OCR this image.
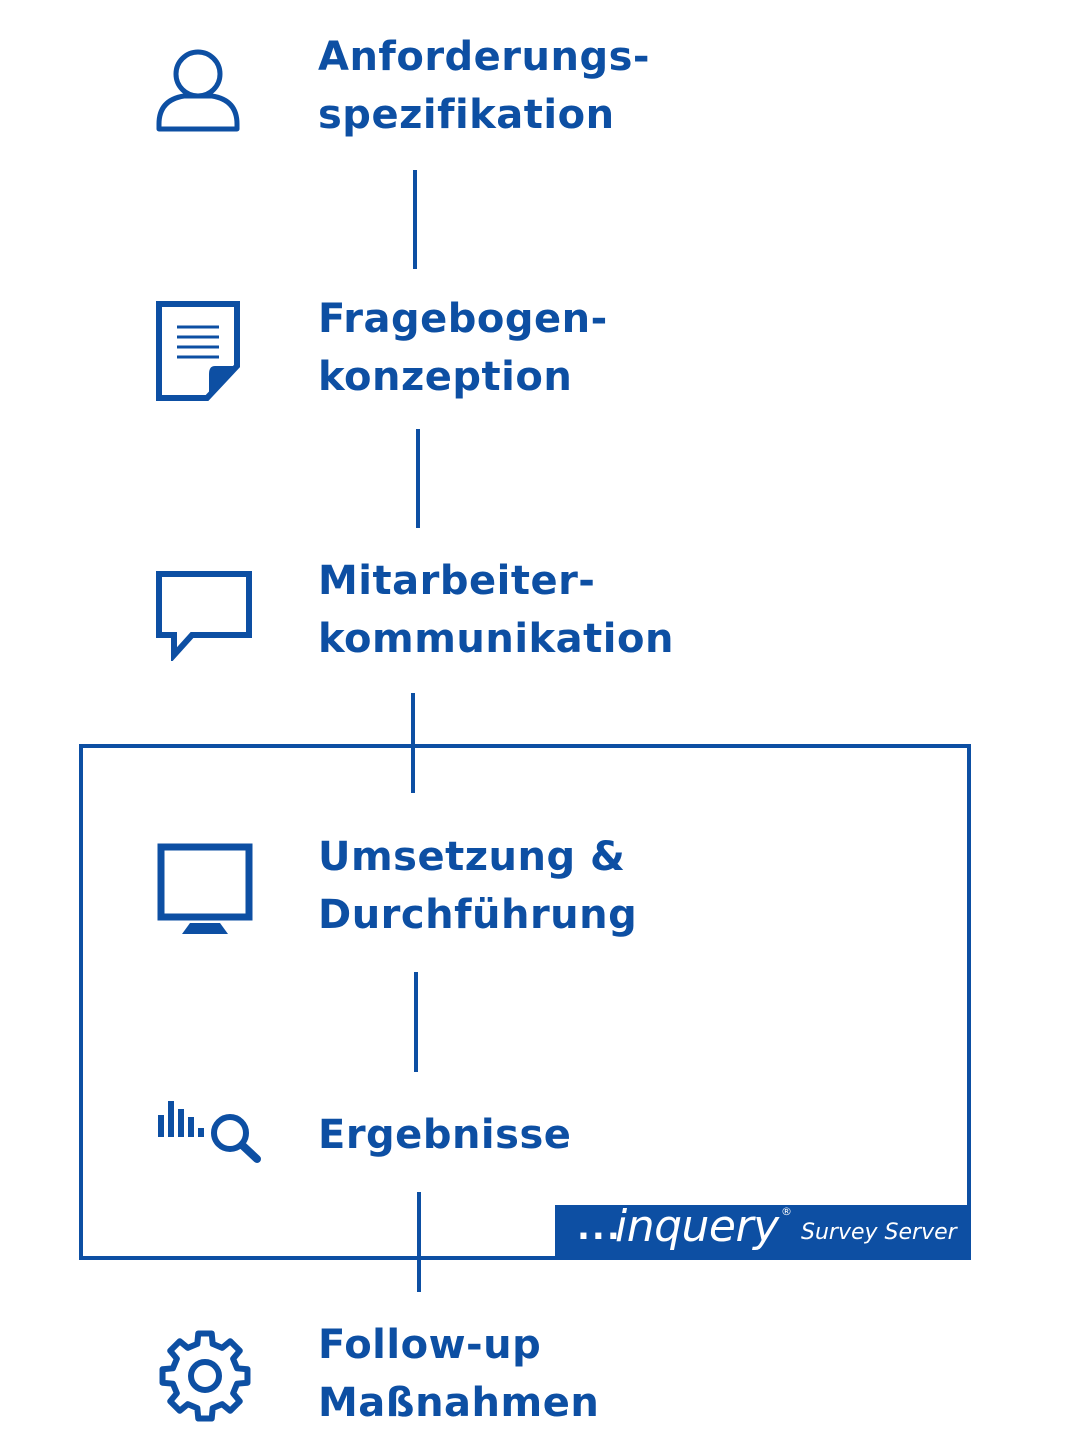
Anforderungs-
spezifikation
Fragebogen-
konzeption
Mitarbeiter-
kommunikation
Umsetzung &
Durchführung
Ergebnisse
...
inquery ®
Survey Server
Follow-up
Maßnahmen
